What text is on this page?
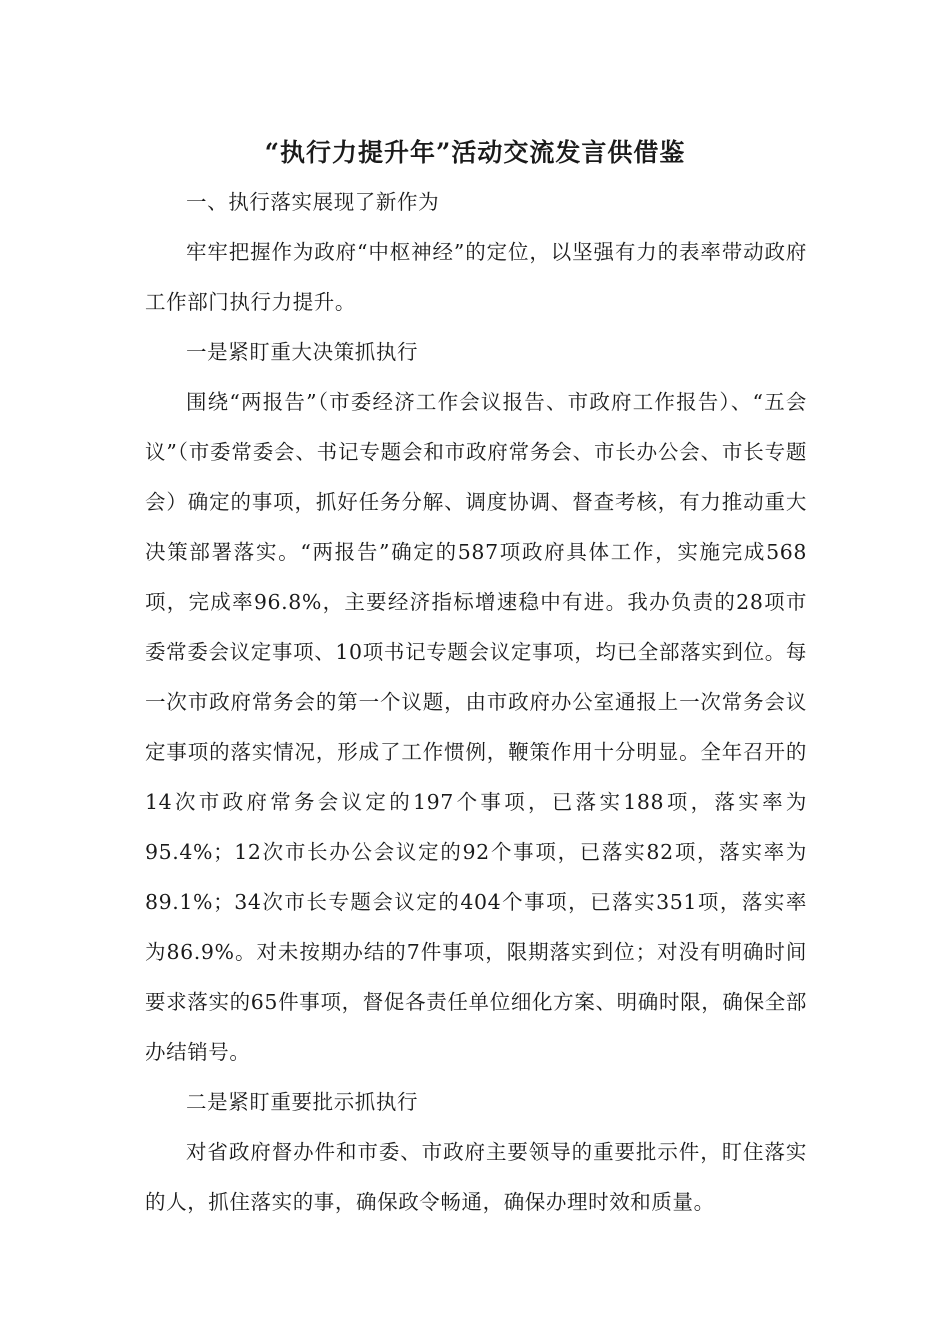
“执行力提升年”活动交流发言供借鉴

一、执行落实展现了新作为

牢牢把握作为政府“中枢神经”的定位，以坚强有力的表率带动政府工作部门执行力提升。

一是紧盯重大决策抓执行

围绕“两报告”（市委经济工作会议报告、市政府工作报告）、“五会议”（市委常委会、书记专题会和市政府常务会、市长办公会、市长专题会）确定的事项，抓好任务分解、调度协调、督查考核，有力推动重大决策部署落实。“两报告”确定的587项政府具体工作，实施完成568项，完成率96.8%，主要经济指标增速稳中有进。我办负责的28项市委常委会议定事项、10项书记专题会议定事项，均已全部落实到位。每一次市政府常务会的第一个议题，由市政府办公室通报上一次常务会议定事项的落实情况，形成了工作惯例，鞭策作用十分明显。全年召开的14次市政府常务会议定的197个事项，已落实188项，落实率为95.4%；12次市长办公会议定的92个事项，已落实82项，落实率为89.1%；34次市长专题会议定的404个事项，已落实351项，落实率为86.9%。对未按期办结的7件事项，限期落实到位；对没有明确时间要求落实的65件事项，督促各责任单位细化方案、明确时限，确保全部办结销号。

二是紧盯重要批示抓执行

对省政府督办件和市委、市政府主要领导的重要批示件，盯住落实的人，抓住落实的事，确保政令畅通，确保办理时效和质量。
